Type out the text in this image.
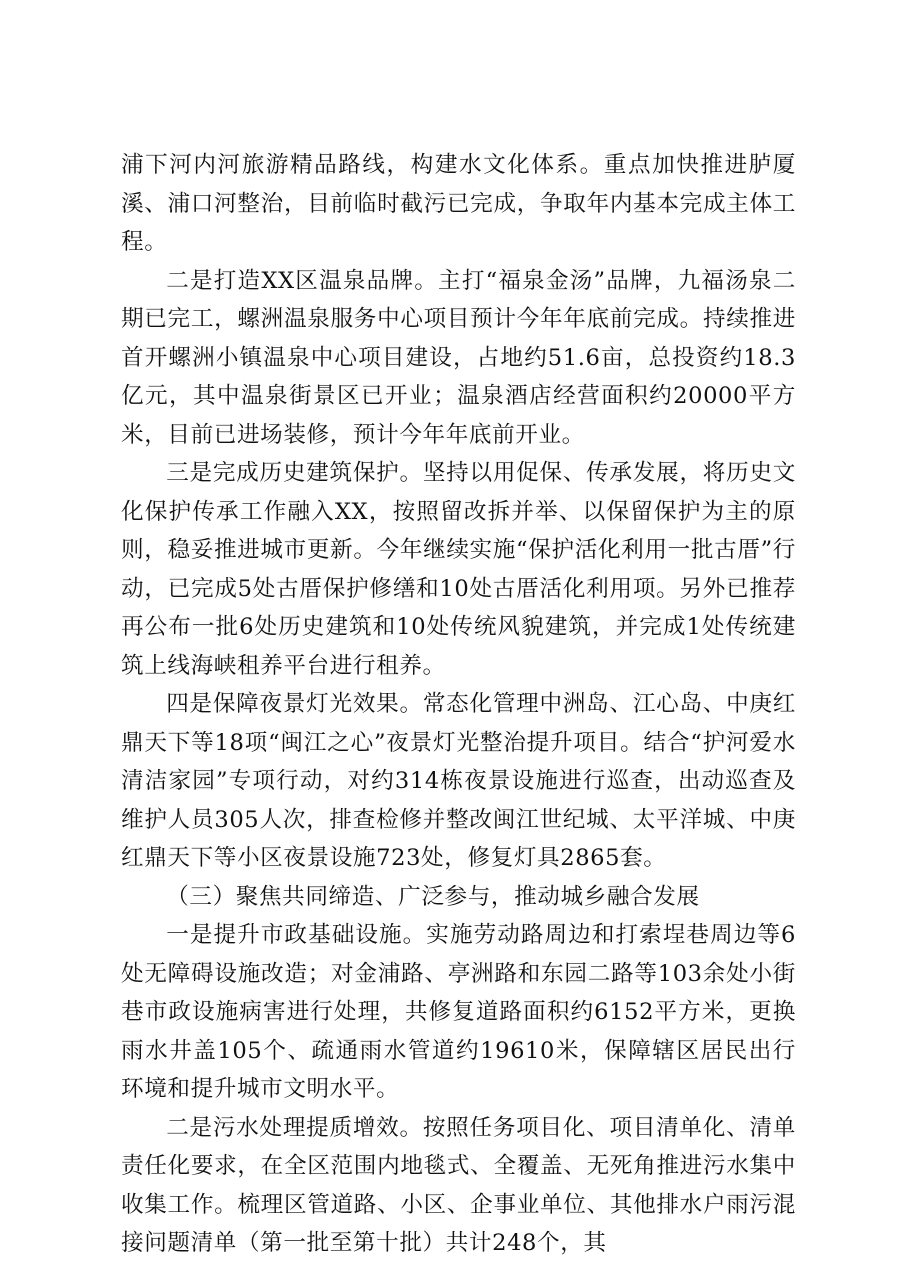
浦下河内河旅游精品路线，构建水文化体系。重点加快推进胪厦溪、浦口河整治，目前临时截污已完成，争取年内基本完成主体工程。

二是打造XX区温泉品牌。主打“福泉金汤”品牌，九福汤泉二期已完工，螺洲温泉服务中心项目预计今年年底前完成。持续推进首开螺洲小镇温泉中心项目建设，占地约51.6亩，总投资约18.3亿元，其中温泉街景区已开业；温泉酒店经营面积约20000平方米，目前已进场装修，预计今年年底前开业。

三是完成历史建筑保护。坚持以用促保、传承发展，将历史文化保护传承工作融入XX，按照留改拆并举、以保留保护为主的原则，稳妥推进城市更新。今年继续实施“保护活化利用一批古厝”行动，已完成5处古厝保护修缮和10处古厝活化利用项。另外已推荐再公布一批6处历史建筑和10处传统风貌建筑，并完成1处传统建筑上线海峡租养平台进行租养。

四是保障夜景灯光效果。常态化管理中洲岛、江心岛、中庚红鼎天下等18项“闽江之心”夜景灯光整治提升项目。结合“护河爱水清洁家园”专项行动，对约314栋夜景设施进行巡查，出动巡查及维护人员305人次，排查检修并整改闽江世纪城、太平洋城、中庚红鼎天下等小区夜景设施723处，修复灯具2865套。

（三）聚焦共同缔造、广泛参与，推动城乡融合发展

一是提升市政基础设施。实施劳动路周边和打索埕巷周边等6处无障碍设施改造；对金浦路、亭洲路和东园二路等103余处小街巷市政设施病害进行处理，共修复道路面积约6152平方米，更换雨水井盖105个、疏通雨水管道约19610米，保障辖区居民出行环境和提升城市文明水平。

二是污水处理提质增效。按照任务项目化、项目清单化、清单责任化要求，在全区范围内地毯式、全覆盖、无死角推进污水集中收集工作。梳理区管道路、小区、企事业单位、其他排水户雨污混接问题清单（第一批至第十批）共计248个，其
